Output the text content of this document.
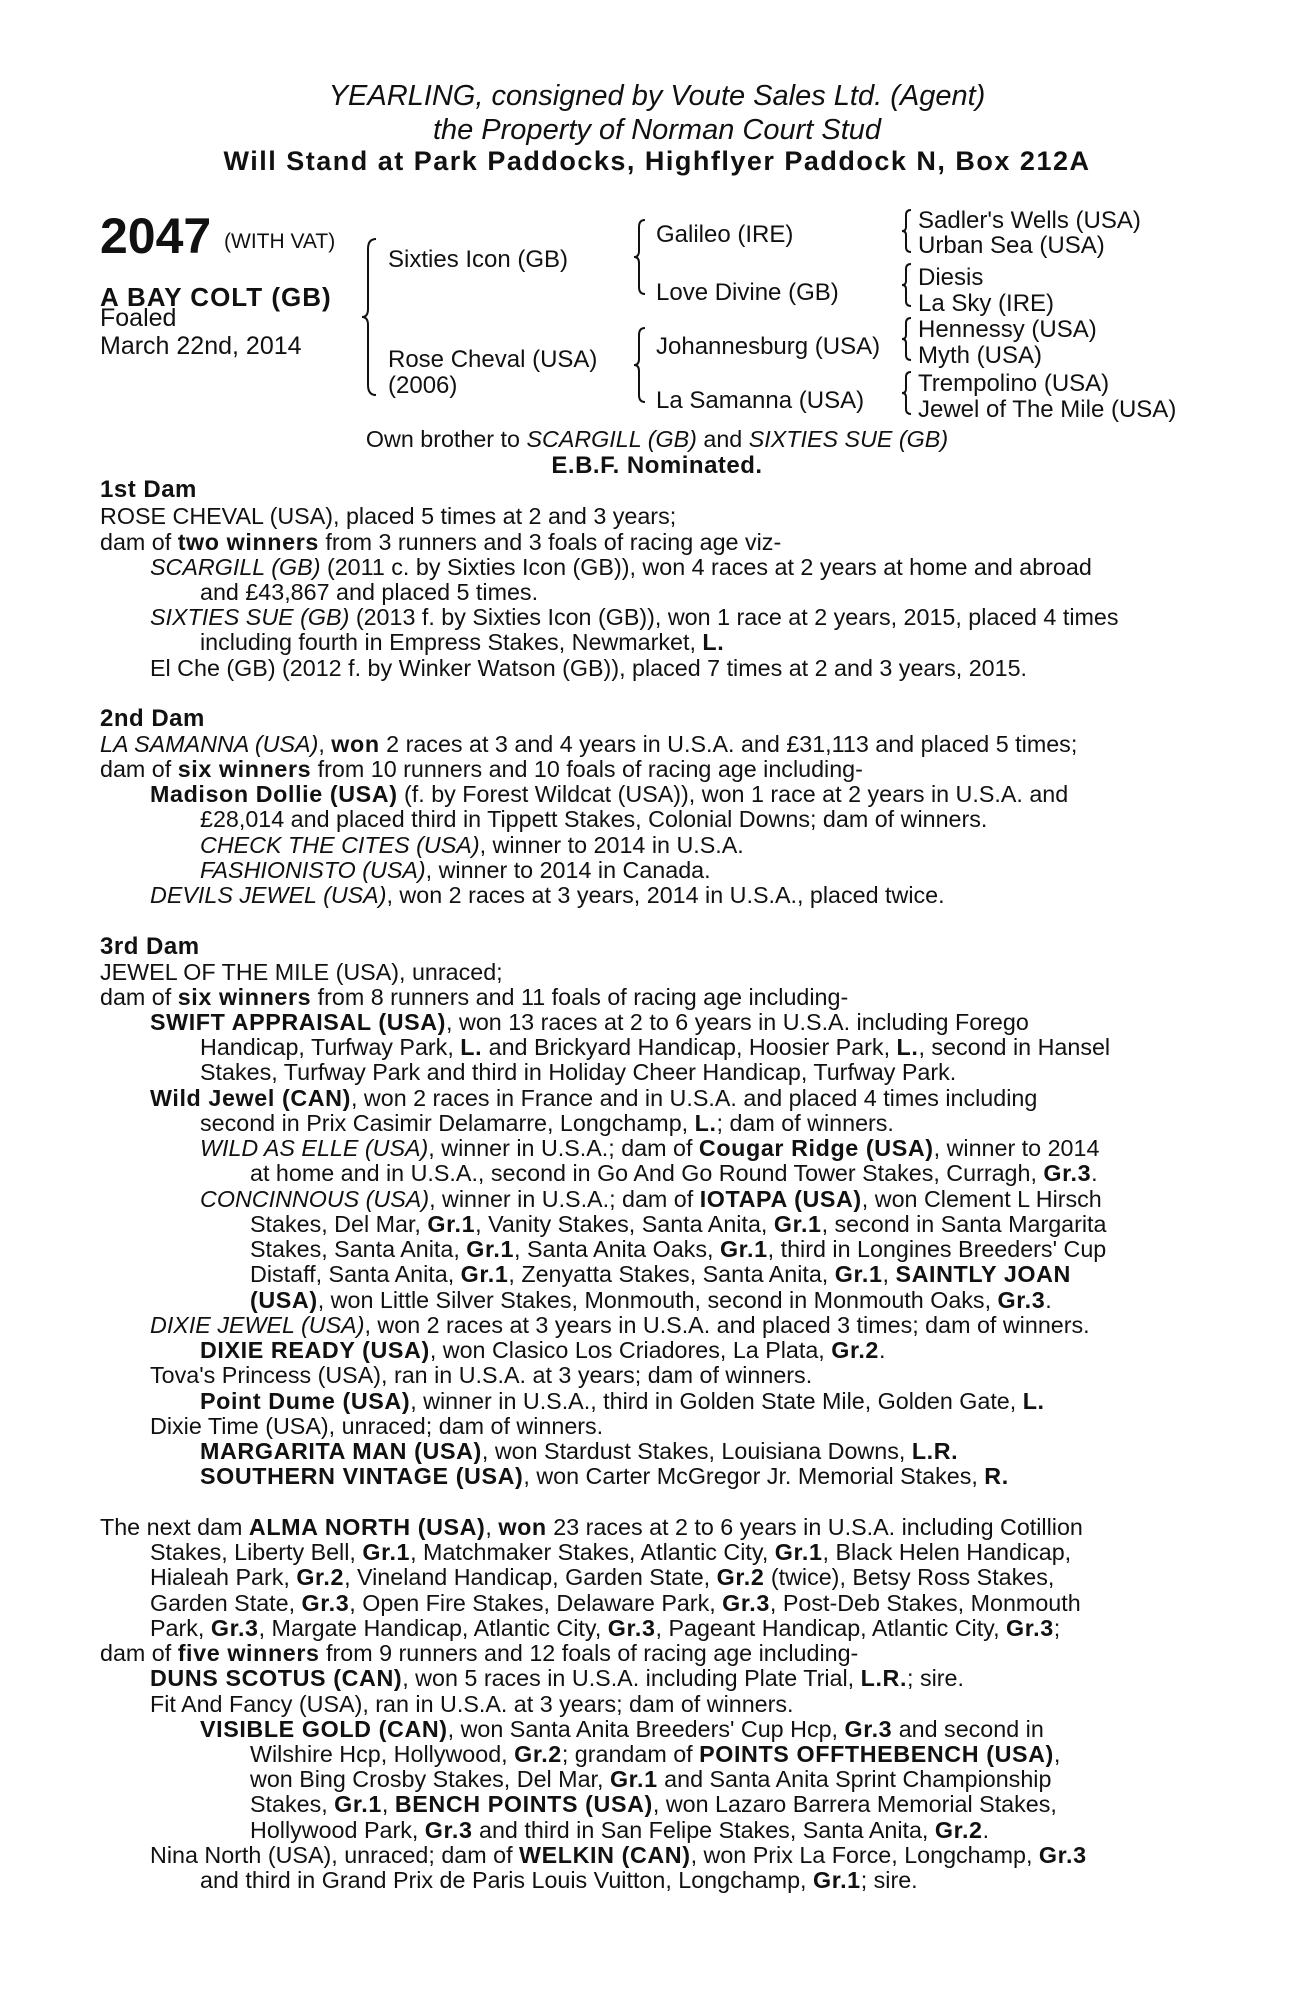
YEARLING, consigned by Voute Sales Ltd. (Agent)
the Property of Norman Court Stud
Will Stand at Park Paddocks, Highflyer Paddock N, Box 212A
2047 (WITH VAT)
A BAY COLT (GB)
Foaled
March 22nd, 2014
Sixties Icon (GB)
Rose Cheval (USA)
(2006)
Galileo (IRE)
Love Divine (GB)
Johannesburg (USA)
La Samanna (USA)
Sadler's Wells (USA)
Urban Sea (USA)
Diesis
La Sky (IRE)
Hennessy (USA)
Myth (USA)
Trempolino (USA)
Jewel of The Mile (USA)
Own brother to SCARGILL (GB) and SIXTIES SUE (GB)
E.B.F. Nominated.
1st Dam
ROSE CHEVAL (USA), placed 5 times at 2 and 3 years;
dam of two winners from 3 runners and 3 foals of racing age viz-
SCARGILL (GB) (2011 c. by Sixties Icon (GB)), won 4 races at 2 years at home and abroad
and £43,867 and placed 5 times.
SIXTIES SUE (GB) (2013 f. by Sixties Icon (GB)), won 1 race at 2 years, 2015, placed 4 times
including fourth in Empress Stakes, Newmarket, L.
El Che (GB) (2012 f. by Winker Watson (GB)), placed 7 times at 2 and 3 years, 2015.
2nd Dam
LA SAMANNA (USA), won 2 races at 3 and 4 years in U.S.A. and £31,113 and placed 5 times;
dam of six winners from 10 runners and 10 foals of racing age including-
Madison Dollie (USA) (f. by Forest Wildcat (USA)), won 1 race at 2 years in U.S.A. and
£28,014 and placed third in Tippett Stakes, Colonial Downs; dam of winners.
CHECK THE CITES (USA), winner to 2014 in U.S.A.
FASHIONISTO (USA), winner to 2014 in Canada.
DEVILS JEWEL (USA), won 2 races at 3 years, 2014 in U.S.A., placed twice.
3rd Dam
JEWEL OF THE MILE (USA), unraced;
dam of six winners from 8 runners and 11 foals of racing age including-
SWIFT APPRAISAL (USA), won 13 races at 2 to 6 years in U.S.A. including Forego
Handicap, Turfway Park, L. and Brickyard Handicap, Hoosier Park, L., second in Hansel
Stakes, Turfway Park and third in Holiday Cheer Handicap, Turfway Park.
Wild Jewel (CAN), won 2 races in France and in U.S.A. and placed 4 times including
second in Prix Casimir Delamarre, Longchamp, L.; dam of winners.
WILD AS ELLE (USA), winner in U.S.A.; dam of Cougar Ridge (USA), winner to 2014
at home and in U.S.A., second in Go And Go Round Tower Stakes, Curragh, Gr.3.
CONCINNOUS (USA), winner in U.S.A.; dam of IOTAPA (USA), won Clement L Hirsch
Stakes, Del Mar, Gr.1, Vanity Stakes, Santa Anita, Gr.1, second in Santa Margarita
Stakes, Santa Anita, Gr.1, Santa Anita Oaks, Gr.1, third in Longines Breeders' Cup
Distaff, Santa Anita, Gr.1, Zenyatta Stakes, Santa Anita, Gr.1, SAINTLY JOAN
(USA), won Little Silver Stakes, Monmouth, second in Monmouth Oaks, Gr.3.
DIXIE JEWEL (USA), won 2 races at 3 years in U.S.A. and placed 3 times; dam of winners.
DIXIE READY (USA), won Clasico Los Criadores, La Plata, Gr.2.
Tova's Princess (USA), ran in U.S.A. at 3 years; dam of winners.
Point Dume (USA), winner in U.S.A., third in Golden State Mile, Golden Gate, L.
Dixie Time (USA), unraced; dam of winners.
MARGARITA MAN (USA), won Stardust Stakes, Louisiana Downs, L.R.
SOUTHERN VINTAGE (USA), won Carter McGregor Jr. Memorial Stakes, R.
The next dam ALMA NORTH (USA), won 23 races at 2 to 6 years in U.S.A. including Cotillion
Stakes, Liberty Bell, Gr.1, Matchmaker Stakes, Atlantic City, Gr.1, Black Helen Handicap,
Hialeah Park, Gr.2, Vineland Handicap, Garden State, Gr.2 (twice), Betsy Ross Stakes,
Garden State, Gr.3, Open Fire Stakes, Delaware Park, Gr.3, Post-Deb Stakes, Monmouth
Park, Gr.3, Margate Handicap, Atlantic City, Gr.3, Pageant Handicap, Atlantic City, Gr.3;
dam of five winners from 9 runners and 12 foals of racing age including-
DUNS SCOTUS (CAN), won 5 races in U.S.A. including Plate Trial, L.R.; sire.
Fit And Fancy (USA), ran in U.S.A. at 3 years; dam of winners.
VISIBLE GOLD (CAN), won Santa Anita Breeders' Cup Hcp, Gr.3 and second in
Wilshire Hcp, Hollywood, Gr.2; grandam of POINTS OFFTHEBENCH (USA),
won Bing Crosby Stakes, Del Mar, Gr.1 and Santa Anita Sprint Championship
Stakes, Gr.1, BENCH POINTS (USA), won Lazaro Barrera Memorial Stakes,
Hollywood Park, Gr.3 and third in San Felipe Stakes, Santa Anita, Gr.2.
Nina North (USA), unraced; dam of WELKIN (CAN), won Prix La Force, Longchamp, Gr.3
and third in Grand Prix de Paris Louis Vuitton, Longchamp, Gr.1; sire.
